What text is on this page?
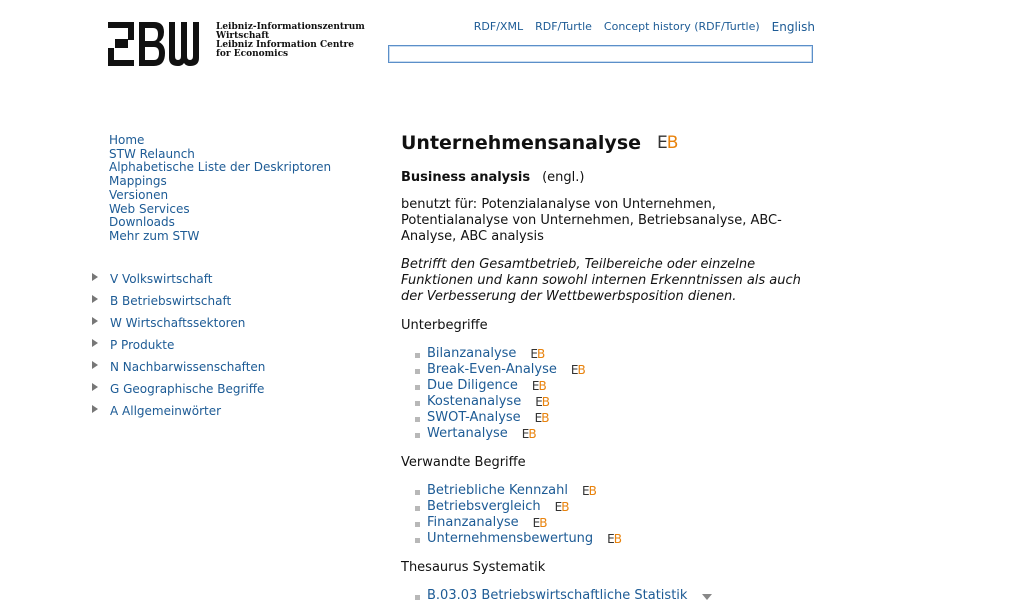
Leibniz-Informationszentrum
Wirtschaft
Leibniz Information Centre
for Economics
RDF/XML RDF/Turtle Concept history (RDF/Turtle) English
Home
STW Relaunch
Alphabetische Liste der Deskriptoren
Mappings
Versionen
Web Services
Downloads
Mehr zum STW
V Volkswirtschaft
B Betriebswirtschaft
W Wirtschaftssektoren
P Produkte
N Nachbarwissenschaften
G Geographische Begriffe
A Allgemeinwörter
Unternehmensanalyse EB
Business analysis (engl.)
benutzt für: Potenzialanalyse von Unternehmen, Potentialanalyse von Unternehmen, Betriebsanalyse, ABC-Analyse, ABC analysis
Betrifft den Gesamtbetrieb, Teilbereiche oder einzelne Funktionen und kann sowohl internen Erkenntnissen als auch der Verbesserung der Wettbewerbsposition dienen.
Unterbegriffe
Bilanzanalyse EB
Break-Even-Analyse EB
Due Diligence EB
Kostenanalyse EB
SWOT-Analyse EB
Wertanalyse EB
Verwandte Begriffe
Betriebliche Kennzahl EB
Betriebsvergleich EB
Finanzanalyse EB
Unternehmensbewertung EB
Thesaurus Systematik
B.03.03 Betriebswirtschaftliche Statistik
